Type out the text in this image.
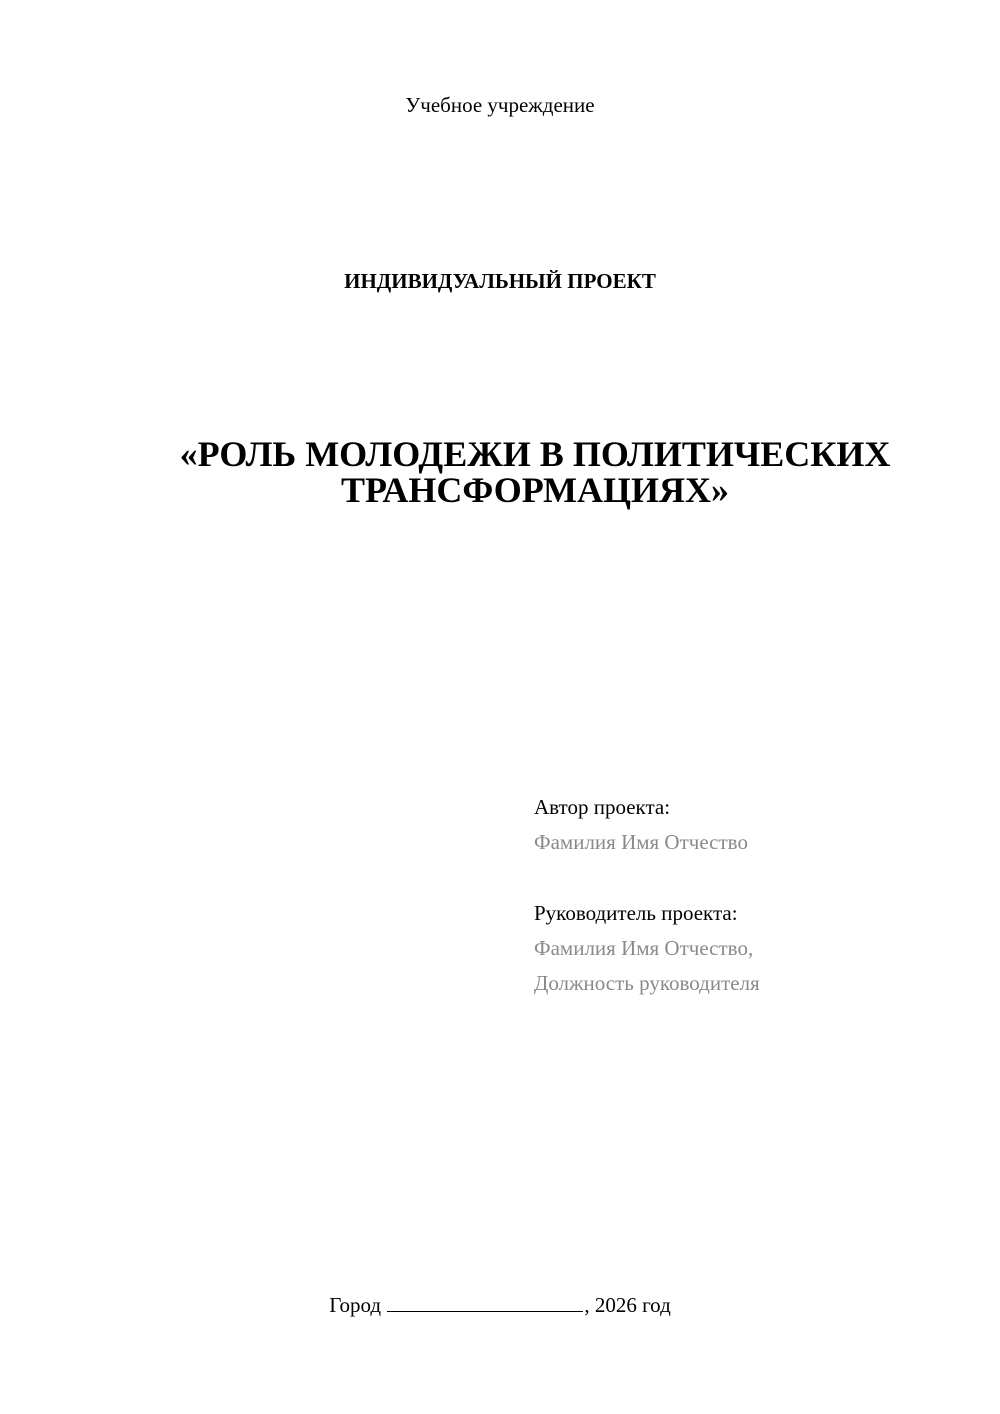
Учебное учреждение
ИНДИВИДУАЛЬНЫЙ ПРОЕКТ
«РОЛЬ МОЛОДЕЖИ В ПОЛИТИЧЕСКИХ
ТРАНСФОРМАЦИЯХ»
Автор проекта:
Фамилия Имя Отчество
Руководитель проекта:
Фамилия Имя Отчество,
Должность руководителя
Город	, 2026 год
